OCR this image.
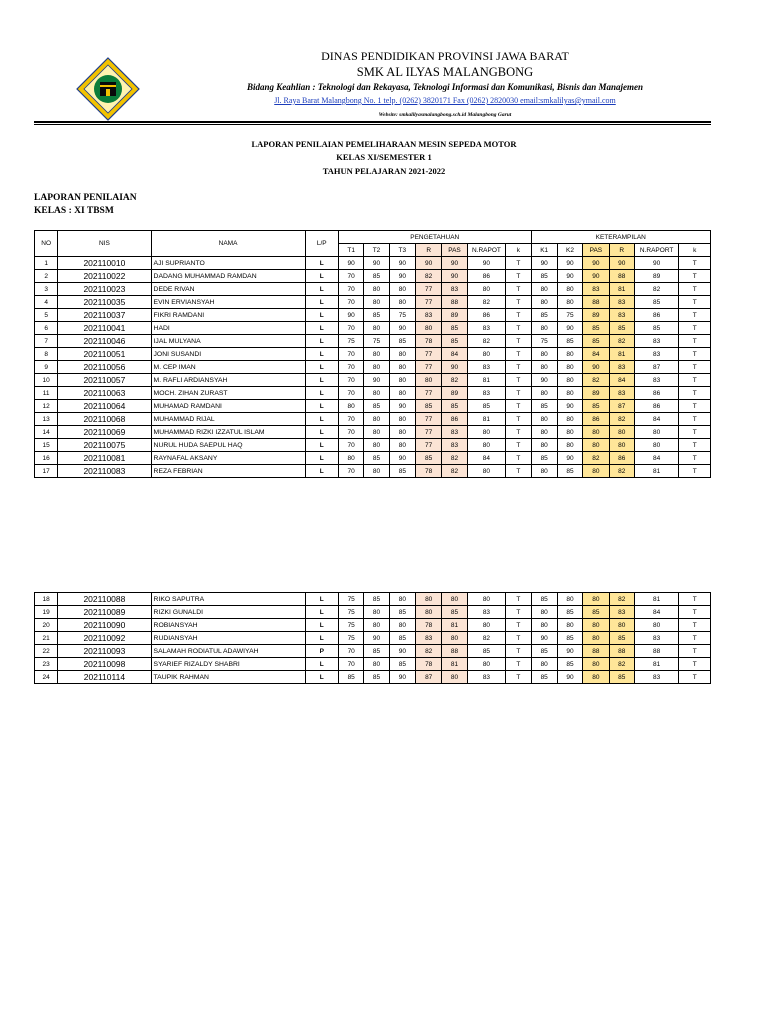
DINAS PENDIDIKAN PROVINSI JAWA BARAT
SMK AL ILYAS MALANGBONG
Bidang Keahlian : Teknologi dan Rekayasa, Teknologi Informasi dan Komunikasi, Bisnis dan Manajemen
Jl. Raya Barat Malangbong No. 1 telp. (0262) 3820171 Fax (0262) 2820030 email:smkalilyas@ymail.com
Website: smkalilyasmalangbong.sch.id Malangbong Garut
LAPORAN PENILAIAN PEMELIHARAAN MESIN SEPEDA MOTOR
KELAS XI/SEMESTER 1
TAHUN PELAJARAN 2021-2022
LAPORAN PENILAIAN
KELAS : XI TBSM
NO	NIS	NAMA	L/P	PENGETAHUAN							KETERAMPILAN					
				T1	T2	T3	R	PAS	N.RAPOT	k	K1	K2	PAS	R	N.RAPORT	k
1	202110010	AJI SUPRIANTO	L	90	90	90	90	90	90	T	90	90	90	90	90	T
2	202110022	DADANG MUHAMMAD RAMDAN	L	70	85	90	82	90	86	T	85	90	90	88	89	T
3	202110023	DEDE RIVAN	L	70	80	80	77	83	80	T	80	80	83	81	82	T
4	202110035	EVIN ERVIANSYAH	L	70	80	80	77	88	82	T	80	80	88	83	85	T
5	202110037	FIKRI RAMDANI	L	90	85	75	83	89	86	T	85	75	89	83	86	T
6	202110041	HADI	L	70	80	90	80	85	83	T	80	90	85	85	85	T
7	202110046	IJAL MULYANA	L	75	75	85	78	85	82	T	75	85	85	82	83	T
8	202110051	JONI SUSANDI	L	70	80	80	77	84	80	T	80	80	84	81	83	T
9	202110056	M. CEP IMAN	L	70	80	80	77	90	83	T	80	80	90	83	87	T
10	202110057	M. RAFLI ARDIANSYAH	L	70	90	80	80	82	81	T	90	80	82	84	83	T
11	202110063	MOCH. ZIHAN ZURAST	L	70	80	80	77	89	83	T	80	80	89	83	86	T
12	202110064	MUHAMAD RAMDANI	L	80	85	90	85	85	85	T	85	90	85	87	86	T
13	202110068	MUHAMMAD RIJAL	L	70	80	80	77	86	81	T	80	80	86	82	84	T
14	202110069	MUHAMMAD RIZKI IZZATUL ISLAM	L	70	80	80	77	83	80	T	80	80	80	80	80	T
15	202110075	NURUL HUDA SAEPUL HAQ	L	70	80	80	77	83	80	T	80	80	80	80	80	T
16	202110081	RAYNAFAL AKSANY	L	80	85	90	85	82	84	T	85	90	82	86	84	T
17	202110083	REZA FEBRIAN	L	70	80	85	78	82	80	T	80	85	80	82	81	T
18	202110088	RIKO SAPUTRA	L	75	85	80	80	80	80	T	85	80	80	82	81	T
19	202110089	RIZKI GUNALDI	L	75	80	85	80	85	83	T	80	85	85	83	84	T
20	202110090	ROBIANSYAH	L	75	80	80	78	81	80	T	80	80	80	80	80	T
21	202110092	RUDIANSYAH	L	75	90	85	83	80	82	T	90	85	80	85	83	T
22	202110093	SALAMAH RODIATUL ADAWIYAH	P	70	85	90	82	88	85	T	85	90	88	88	88	T
23	202110098	SYARIEF RIZALDY SHABRI	L	70	80	85	78	81	80	T	80	85	80	82	81	T
24	202110114	TAUPIK RAHMAN	L	85	85	90	87	80	83	T	85	90	80	85	83	T
